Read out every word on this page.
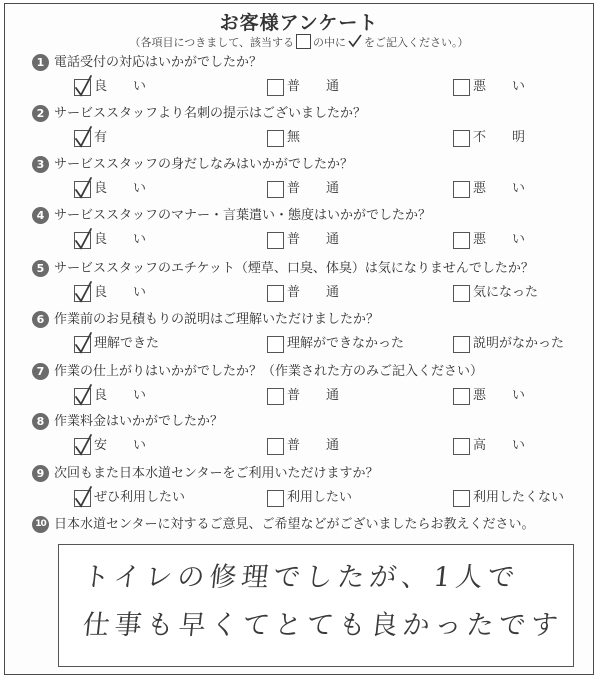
お客様アンケート
（各項目につきまして、該当する の中に をご記入ください。）
1 電話受付の対応はいかがでしたか？
良　　い	普　　通	悪　　い
2 サービススタッフより名刺の提示はございましたか？
有	無	不　　明
3 サービススタッフの身だしなみはいかがでしたか？
良　　い	普　　通	悪　　い
4 サービススタッフのマナー・言葉遣い・態度はいかがでしたか？
良　　い	普　　通	悪　　い
5 サービススタッフのエチケット（煙草、口臭、体臭）は気になりませんでしたか？
良　　い	普　　通	気になった
6 作業前のお見積もりの説明はご理解いただけましたか？
理解できた	理解ができなかった	説明がなかった
7 作業の仕上がりはいかがでしたか？（作業された方のみご記入ください）
良　　い	普　　通	悪　　い
8 作業料金はいかがでしたか？
安　　い	普　　通	高　　い
9 次回もまた日本水道センターをご利用いただけますか？
ぜひ利用したい	利用したい	利用したくない
10 日本水道センターに対するご意見、ご希望などがございましたらお教えください。
トイレの修理でしたが、1人で
仕事も早くてとても良かったです
